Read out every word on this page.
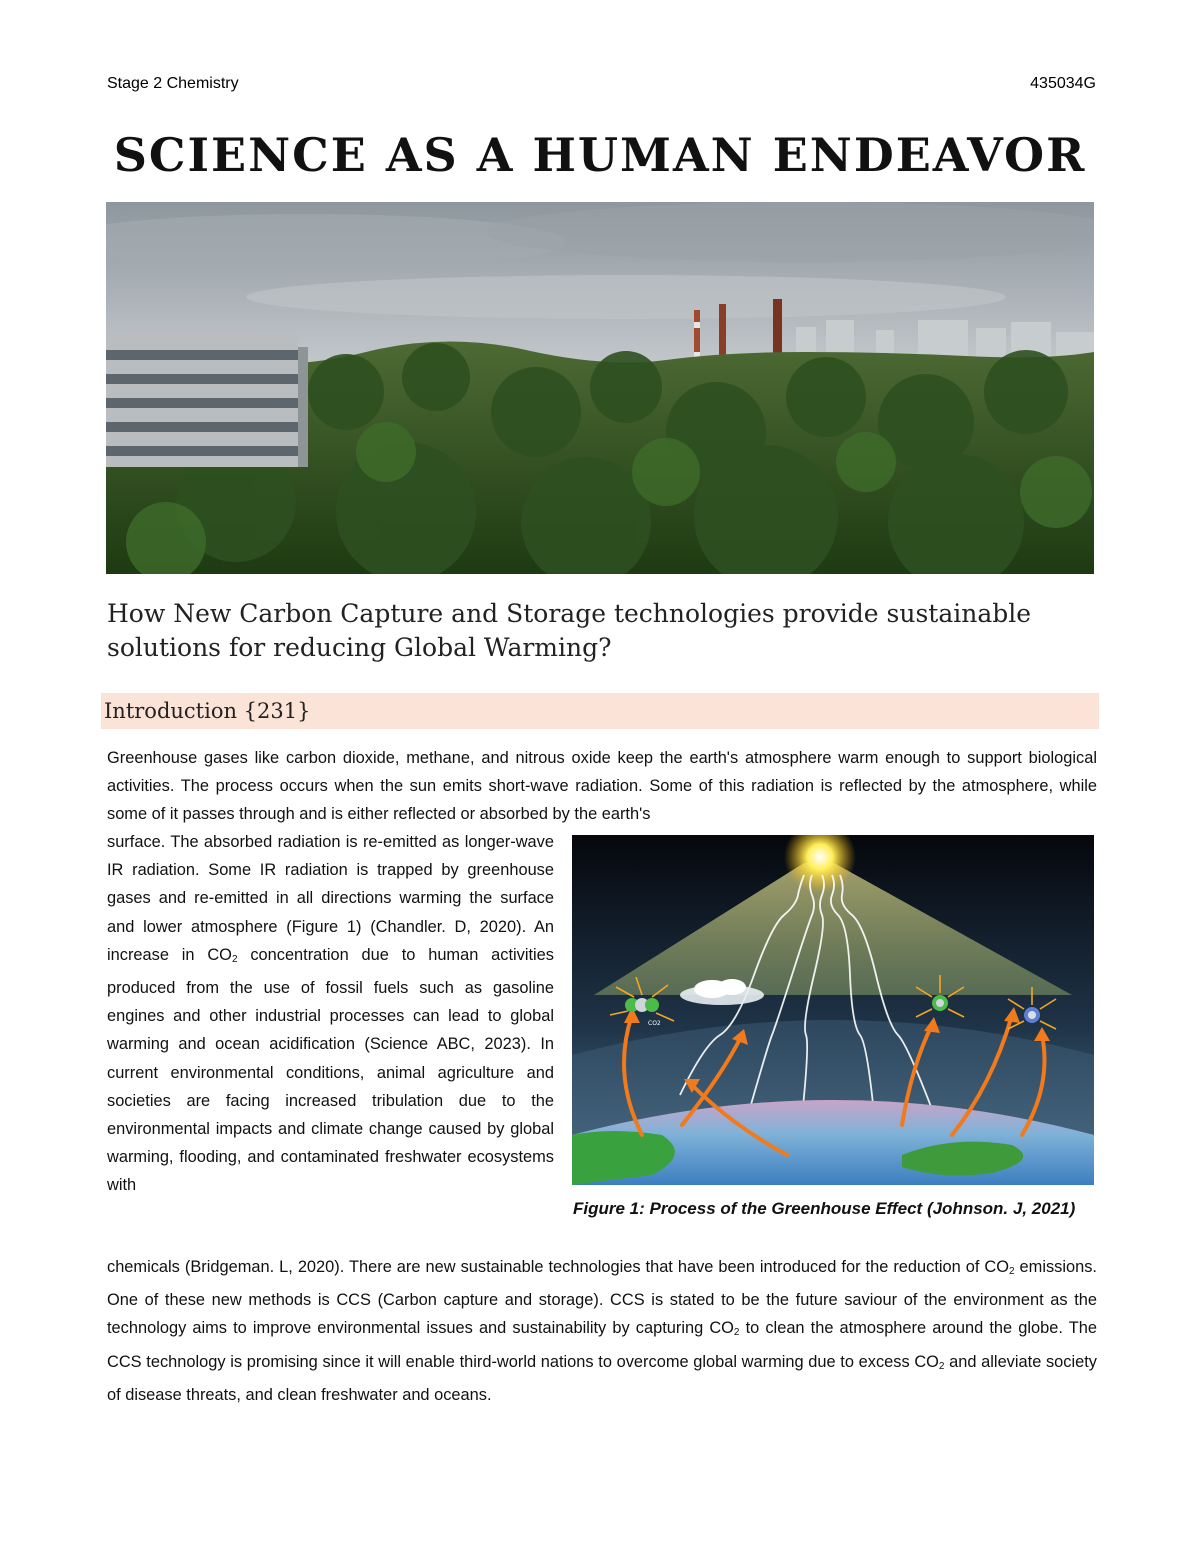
Stage 2 Chemistry	435034G
SCIENCE AS A HUMAN ENDEAVOR
How New Carbon Capture and Storage technologies provide sustainable solutions for reducing Global Warming?
Introduction {231}
Greenhouse gases like carbon dioxide, methane, and nitrous oxide keep the earth's atmosphere warm enough to support biological activities. The process occurs when the sun emits short-wave radiation. Some of this radiation is reflected by the atmosphere, while some of it passes through and is either reflected or absorbed by the earth's
surface. The absorbed radiation is re-emitted as longer-wave IR radiation. Some IR radiation is trapped by greenhouse gases and re-emitted in all directions warming the surface and lower atmosphere (Figure 1) (Chandler. D, 2020). An increase in $CO_2$ concentration due to human activities produced from the use of fossil fuels such as gasoline engines and other industrial processes can lead to global warming and ocean acidification (Science ABC, 2023). In current environmental conditions, animal agriculture and societies are facing increased tribulation due to the environmental impacts and climate change caused by global warming, flooding, and contaminated freshwater ecosystems with
CO2
Figure 1: Process of the Greenhouse Effect (Johnson. J, 2021)
chemicals (Bridgeman. L, 2020). There are new sustainable technologies that have been introduced for the reduction of $CO_2$ emissions. One of these new methods is CCS (Carbon capture and storage). CCS is stated to be the future saviour of the environment as the technology aims to improve environmental issues and sustainability by capturing $CO_2$ to clean the atmosphere around the globe. The CCS technology is promising since it will enable third-world nations to overcome global warming due to excess $CO_2$ and alleviate society of disease threats, and clean freshwater and oceans.
